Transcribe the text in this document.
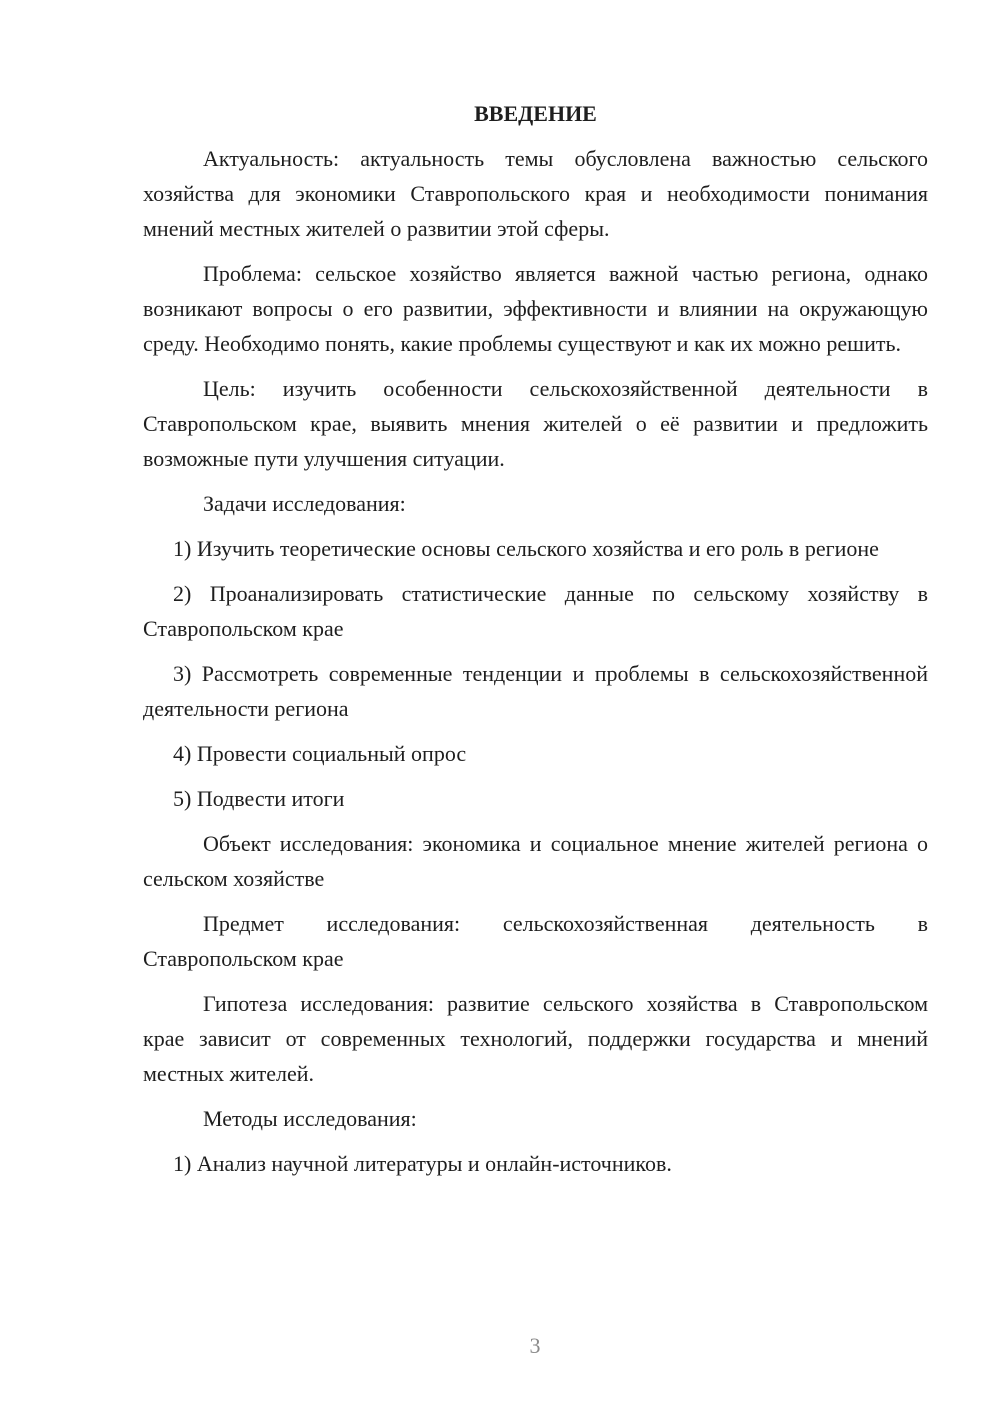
ВВЕДЕНИЕ

Актуальность: актуальность темы обусловлена важностью сельского хозяйства для экономики Ставропольского края и необходимости понимания мнений местных жителей о развитии этой сферы.

Проблема: сельское хозяйство является важной частью региона, однако возникают вопросы о его развитии, эффективности и влиянии на окружающую среду. Необходимо понять, какие проблемы существуют и как их можно решить.

Цель: изучить особенности сельскохозяйственной деятельности в Ставропольском крае, выявить мнения жителей о её развитии и предложить возможные пути улучшения ситуации.

Задачи исследования:

1) Изучить теоретические основы сельского хозяйства и его роль в регионе

2) Проанализировать статистические данные по сельскому хозяйству в Ставропольском крае

3) Рассмотреть современные тенденции и проблемы в сельскохозяйственной деятельности региона

4) Провести социальный опрос

5) Подвести итоги

Объект исследования: экономика и социальное мнение жителей региона о сельском хозяйстве

Предмет исследования: сельскохозяйственная деятельность в Ставропольском крае

Гипотеза исследования: развитие сельского хозяйства в Ставропольском крае зависит от современных технологий, поддержки государства и мнений местных жителей.

Методы исследования:

1) Анализ научной литературы и онлайн-источников.

3
